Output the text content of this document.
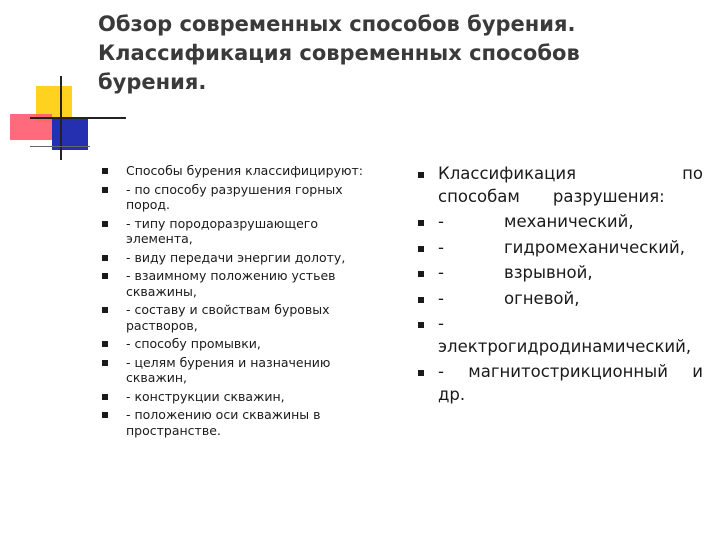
Обзор современных способов бурения.
Классификация современных способов
бурения.
Способы бурения классифицируют:
- по способу разрушения горных пород.
- типу породоразрушающего элемента,
- виду передачи энергии долоту,
- взаимному положению устьев скважины,
- составу и свойствам буровых растворов,
- способу промывки,
- целям бурения и назначению скважин,
- конструкции скважин,
- положению оси скважины в пространстве.
Классификация	по
способам разрушения:
-	механический,
-	гидромеханический,
-	взрывной,
-	огневой,
-
электрогидродинамический,
- магнитострикционный и
др.
